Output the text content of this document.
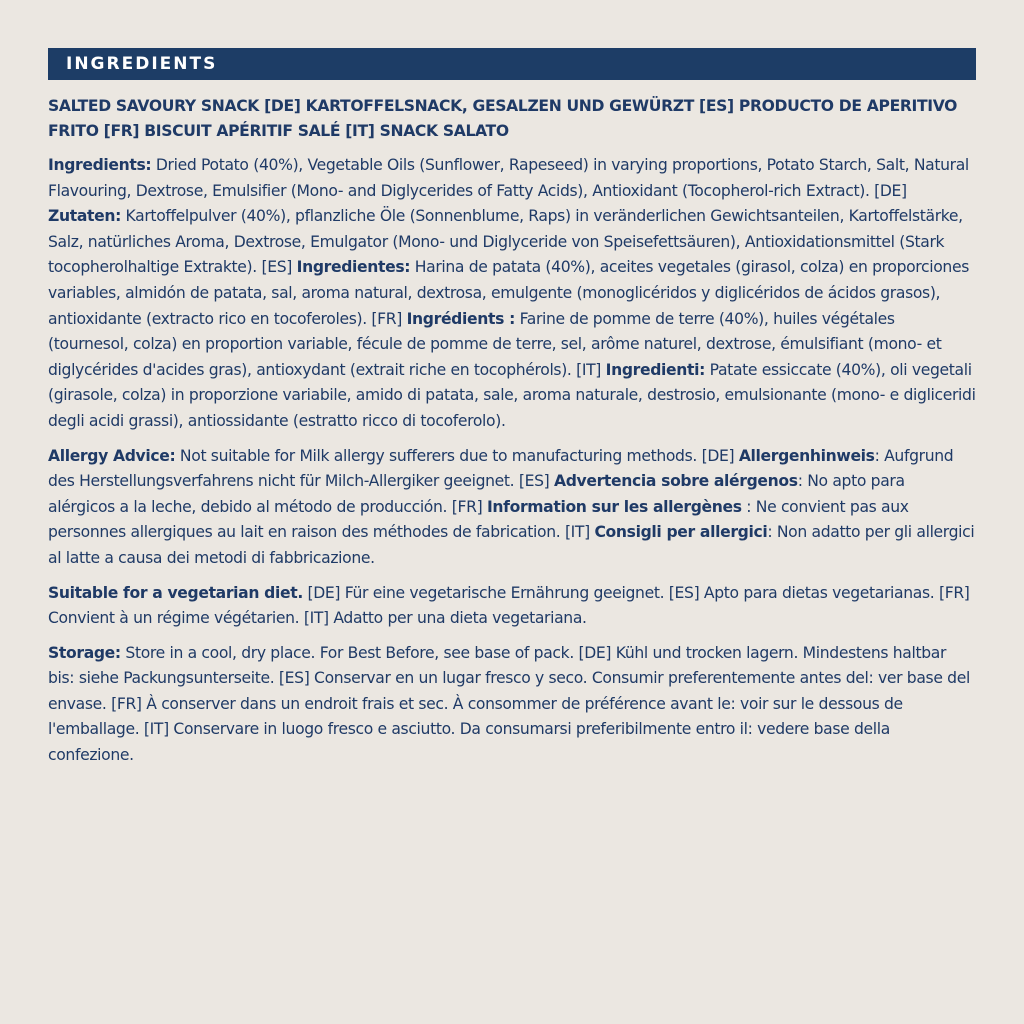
INGREDIENTS
SALTED SAVOURY SNACK [DE] KARTOFFELSNACK, GESALZEN UND GEWÜRZT [ES] PRODUCTO DE APERITIVO FRITO [FR] BISCUIT APÉRITIF SALÉ [IT] SNACK SALATO
Ingredients: Dried Potato (40%), Vegetable Oils (Sunflower, Rapeseed) in varying proportions, Potato Starch, Salt, Natural Flavouring, Dextrose, Emulsifier (Mono- and Diglycerides of Fatty Acids), Antioxidant (Tocopherol-rich Extract). [DE] Zutaten: Kartoffelpulver (40%), pflanzliche Öle (Sonnenblume, Raps) in veränderlichen Gewichtsanteilen, Kartoffelstärke, Salz, natürliches Aroma, Dextrose, Emulgator (Mono- und Diglyceride von Speisefettsäuren), Antioxidationsmittel (Stark tocopherolhaltige Extrakte). [ES] Ingredientes: Harina de patata (40%), aceites vegetales (girasol, colza) en proporciones variables, almidón de patata, sal, aroma natural, dextrosa, emulgente (monoglicéridos y diglicéridos de ácidos grasos), antioxidante (extracto rico en tocoferoles). [FR] Ingrédients : Farine de pomme de terre (40%), huiles végétales (tournesol, colza) en proportion variable, fécule de pomme de terre, sel, arôme naturel, dextrose, émulsifiant (mono- et diglycérides d'acides gras), antioxydant (extrait riche en tocophérols). [IT] Ingredienti: Patate essiccate (40%), oli vegetali (girasole, colza) in proporzione variabile, amido di patata, sale, aroma naturale, destrosio, emulsionante (mono- e digliceridi degli acidi grassi), antiossidante (estratto ricco di tocoferolo).
Allergy Advice: Not suitable for Milk allergy sufferers due to manufacturing methods. [DE] Allergenhinweis: Aufgrund des Herstellungsverfahrens nicht für Milch-Allergiker geeignet. [ES] Advertencia sobre alérgenos: No apto para alérgicos a la leche, debido al método de producción. [FR] Information sur les allergènes : Ne convient pas aux personnes allergiques au lait en raison des méthodes de fabrication. [IT] Consigli per allergici: Non adatto per gli allergici al latte a causa dei metodi di fabbricazione.
Suitable for a vegetarian diet. [DE] Für eine vegetarische Ernährung geeignet. [ES] Apto para dietas vegetarianas. [FR] Convient à un régime végétarien. [IT] Adatto per una dieta vegetariana.
Storage: Store in a cool, dry place. For Best Before, see base of pack. [DE] Kühl und trocken lagern. Mindestens haltbar bis: siehe Packungsunterseite. [ES] Conservar en un lugar fresco y seco. Consumir preferentemente antes del: ver base del envase. [FR] À conserver dans un endroit frais et sec. À consommer de préférence avant le: voir sur le dessous de l'emballage. [IT] Conservare in luogo fresco e asciutto. Da consumarsi preferibilmente entro il: vedere base della confezione.
